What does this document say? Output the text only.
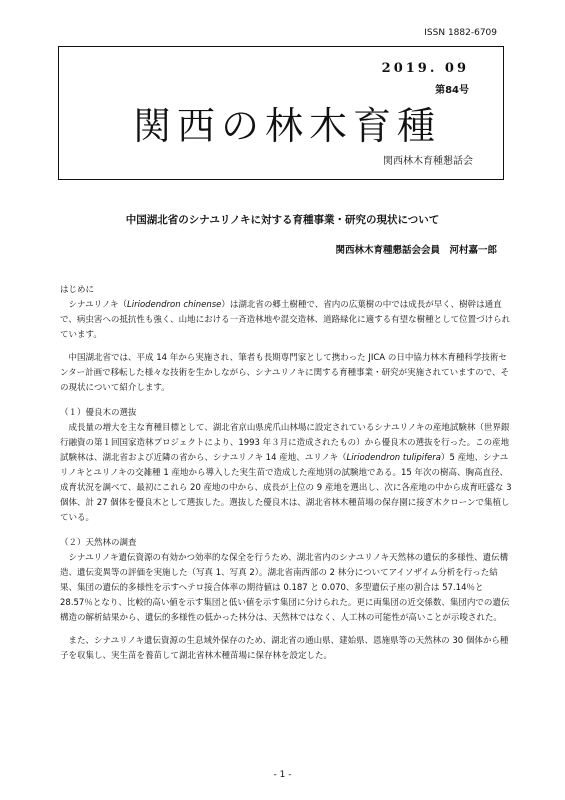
ISSN 1882-6709
2019. 09
第84号
関西の林木育種
関西林木育種懇話会
中国湖北省のシナユリノキに対する育種事業・研究の現状について
関西林木育種懇話会会員　河村嘉一郎
はじめに

シナユリノキ（Liriodendron chinense）は湖北省の郷土樹種で、省内の広葉樹の中では成長が早く、樹幹は通直で、病虫害への抵抗性も強く、山地における一斉造林地や混交造林、道路緑化に適する有望な樹種として位置づけられています。

中国湖北省では、平成 14 年から実施され、筆者も長期専門家として携わった JICA の日中協力林木育種科学技術センター計画で移転した様々な技術を生かしながら、シナユリノキに関する育種事業・研究が実施されていますので、その現状について紹介します。

（１）優良木の選抜

成長量の増大を主な育種目標として、湖北省京山県虎爪山林場に設定されているシナユリノキの産地試験林（世界銀行融資の第１回国家造林プロジェクトにより、1993 年３月に造成されたもの）から優良木の選抜を行った。この産地試験林は、湖北省および近隣の省から、シナユリノキ 14 産地、ユリノキ（Liriodendron tulipifera）5 産地、シナユリノキとユリノキの交雑種 1 産地から導入した実生苗で造成した産地別の試験地である。15 年次の樹高、胸高直径、成育状況を調べて、最初にこれら 20 産地の中から、成長が上位の 9 産地を選出し、次に各産地の中から成育旺盛な 3 個体、計 27 個体を優良木として選抜した。選抜した優良木は、湖北省林木種苗場の保存園に接ぎ木クローンで集植している。

（２）天然林の調査

シナユリノキ遺伝資源の有効かつ効率的な保全を行うため、湖北省内のシナユリノキ天然林の遺伝的多様性、遺伝構造、遺伝変異等の評価を実施した（写真 1、写真 2）。湖北省南西部の 2 林分についてアイソザイム分析を行った結果、集団の遺伝的多様性を示すヘテロ接合体率の期待値は 0.187 と 0.070、多型遺伝子座の割合は 57.14％と 28.57％となり、比較的高い値を示す集団と低い値を示す集団に分けられた。更に両集団の近交係数、集団内での遺伝構造の解析結果から、遺伝的多様性の低かった林分は、天然林ではなく、人工林の可能性が高いことが示唆された。

また、シナユリノキ遺伝資源の生息域外保存のため、湖北省の通山県、建始県、恩施県等の天然林の 30 個体から種子を収集し、実生苗を養苗して湖北省林木種苗場に保存林を設定した。

- 1 -
